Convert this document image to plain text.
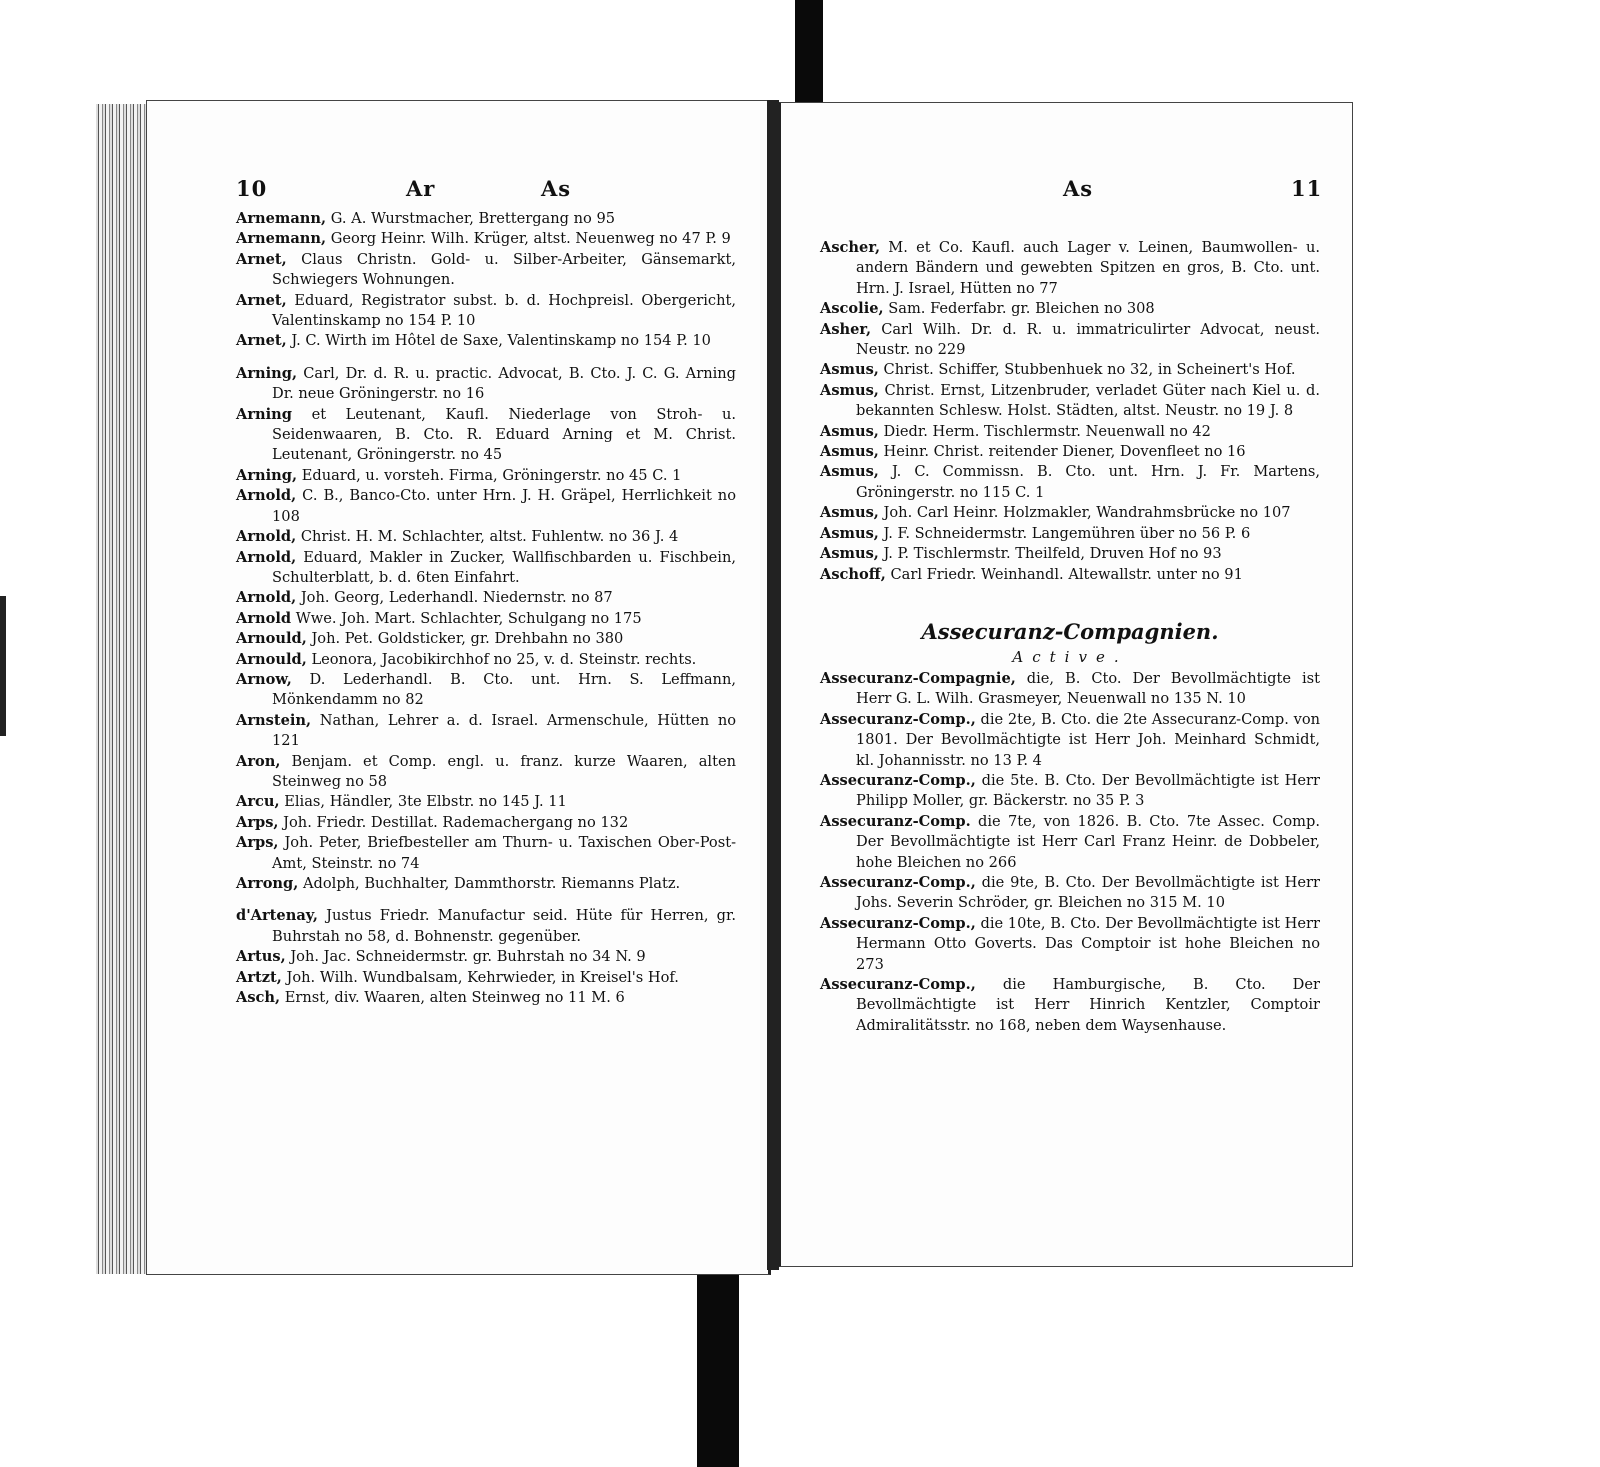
10	Ar	As	As	11

Arnemann, G. A. Wurstmacher, Brettergang no 95

Arnemann, Georg Heinr. Wilh. Krüger, altst. Neuenweg no 47 P. 9

Arnet, Claus Christn. Gold- u. Silber-Arbeiter, Gänsemarkt, Schwiegers Wohnungen.

Arnet, Eduard, Registrator subst. b. d. Hochpreisl. Obergericht, Valentinskamp no 154 P. 10

Arnet, J. C. Wirth im Hôtel de Saxe, Valentinskamp no 154 P. 10

Arning, Carl, Dr. d. R. u. practic. Advocat, B. Cto. J. C. G. Arning Dr. neue Gröningerstr. no 16

Arning et Leutenant, Kaufl. Niederlage von Stroh- u. Seidenwaaren, B. Cto. R. Eduard Arning et M. Christ. Leutenant, Gröningerstr. no 45

Arning, Eduard, u. vorsteh. Firma, Gröningerstr. no 45 C. 1

Arnold, C. B., Banco-Cto. unter Hrn. J. H. Gräpel, Herrlichkeit no 108

Arnold, Christ. H. M. Schlachter, altst. Fuhlentw. no 36 J. 4

Arnold, Eduard, Makler in Zucker, Wallfischbarden u. Fischbein, Schulterblatt, b. d. 6ten Einfahrt.

Arnold, Joh. Georg, Lederhandl. Niedernstr. no 87

Arnold Wwe. Joh. Mart. Schlachter, Schulgang no 175

Arnould, Joh. Pet. Goldsticker, gr. Drehbahn no 380

Arnould, Leonora, Jacobikirchhof no 25, v. d. Steinstr. rechts.

Arnow, D. Lederhandl. B. Cto. unt. Hrn. S. Leffmann, Mönkendamm no 82

Arnstein, Nathan, Lehrer a. d. Israel. Armenschule, Hütten no 121

Aron, Benjam. et Comp. engl. u. franz. kurze Waaren, alten Steinweg no 58

Arcu, Elias, Händler, 3te Elbstr. no 145 J. 11

Arps, Joh. Friedr. Destillat. Rademachergang no 132

Arps, Joh. Peter, Briefbesteller am Thurn- u. Taxischen Ober-Post-Amt, Steinstr. no 74

Arrong, Adolph, Buchhalter, Dammthorstr. Riemanns Platz.

d'Artenay, Justus Friedr. Manufactur seid. Hüte für Herren, gr. Buhrstah no 58, d. Bohnenstr. gegenüber.

Artus, Joh. Jac. Schneidermstr. gr. Buhrstah no 34 N. 9

Artzt, Joh. Wilh. Wundbalsam, Kehrwieder, in Kreisel's Hof.

Asch, Ernst, div. Waaren, alten Steinweg no 11 M. 6

Ascher, M. et Co. Kaufl. auch Lager v. Leinen, Baumwollen- u. andern Bändern und gewebten Spitzen en gros, B. Cto. unt. Hrn. J. Israel, Hütten no 77

Ascolie, Sam. Federfabr. gr. Bleichen no 308

Asher, Carl Wilh. Dr. d. R. u. immatriculirter Advocat, neust. Neustr. no 229

Asmus, Christ. Schiffer, Stubbenhuek no 32, in Scheinert's Hof.

Asmus, Christ. Ernst, Litzenbruder, verladet Güter nach Kiel u. d. bekannten Schlesw. Holst. Städten, altst. Neustr. no 19 J. 8

Asmus, Diedr. Herm. Tischlermstr. Neuenwall no 42

Asmus, Heinr. Christ. reitender Diener, Dovenfleet no 16

Asmus, J. C. Commissn. B. Cto. unt. Hrn. J. Fr. Martens, Gröningerstr. no 115 C. 1

Asmus, Joh. Carl Heinr. Holzmakler, Wandrahmsbrücke no 107

Asmus, J. F. Schneidermstr. Langemühren über no 56 P. 6

Asmus, J. P. Tischlermstr. Theilfeld, Druven Hof no 93

Aschoff, Carl Friedr. Weinhandl. Altewallstr. unter no 91

Assecuranz-Compagnien.
Active.

Assecuranz-Compagnie, die, B. Cto. Der Bevollmächtigte ist Herr G. L. Wilh. Grasmeyer, Neuenwall no 135 N. 10

Assecuranz-Comp., die 2te, B. Cto. die 2te Assecuranz-Comp. von 1801. Der Bevollmächtigte ist Herr Joh. Meinhard Schmidt, kl. Johannisstr. no 13 P. 4

Assecuranz-Comp., die 5te. B. Cto. Der Bevollmächtigte ist Herr Philipp Moller, gr. Bäckerstr. no 35 P. 3

Assecuranz-Comp. die 7te, von 1826. B. Cto. 7te Assec. Comp. Der Bevollmächtigte ist Herr Carl Franz Heinr. de Dobbeler, hohe Bleichen no 266

Assecuranz-Comp., die 9te, B. Cto. Der Bevollmächtigte ist Herr Johs. Severin Schröder, gr. Bleichen no 315 M. 10

Assecuranz-Comp., die 10te, B. Cto. Der Bevollmächtigte ist Herr Hermann Otto Goverts. Das Comptoir ist hohe Bleichen no 273

Assecuranz-Comp., die Hamburgische, B. Cto. Der Bevollmächtigte ist Herr Hinrich Kentzler, Comptoir Admiralitätsstr. no 168, neben dem Waysenhause.
